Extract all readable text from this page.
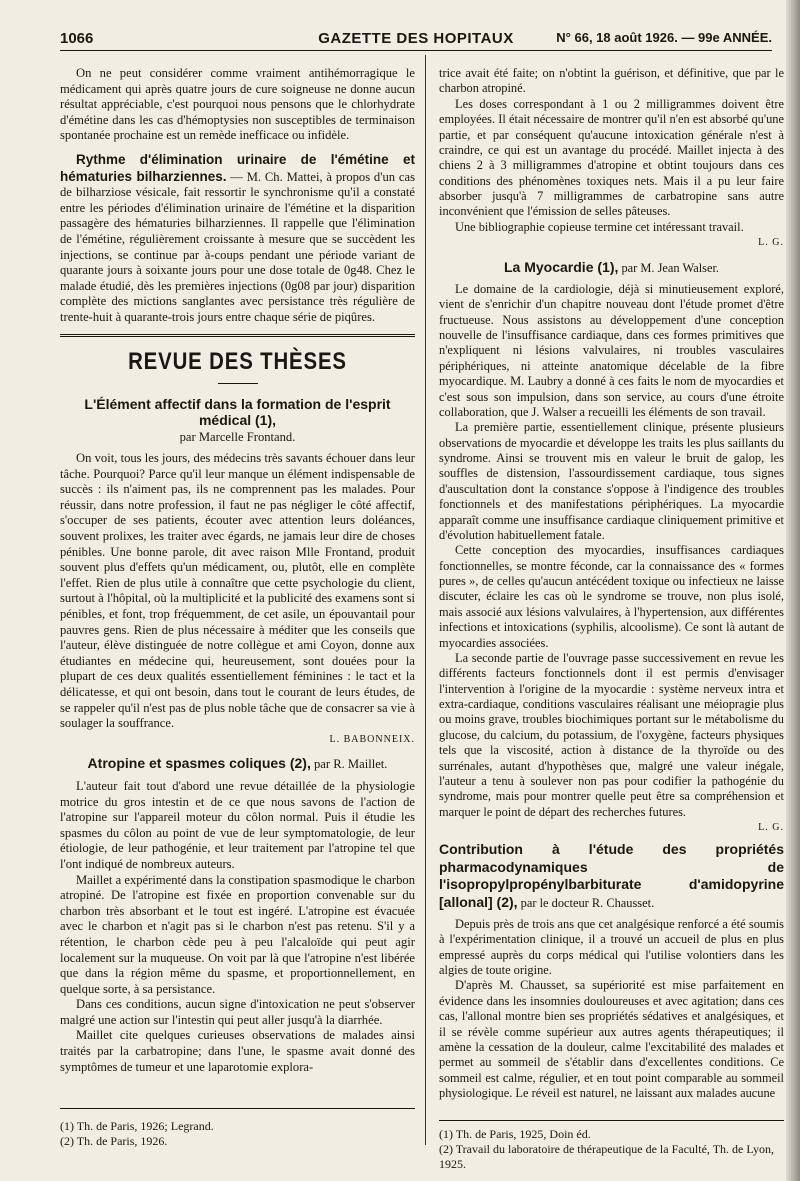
1066	GAZETTE DES HOPITAUX	N° 66, 18 août 1926. — 99e ANNÉE.

On ne peut considérer comme vraiment antihémorragique le médicament qui après quatre jours de cure soigneuse ne donne aucun résultat appréciable, c'est pourquoi nous pensons que le chlorhydrate d'émétine dans les cas d'hémoptysies non susceptibles de terminaison spontanée prochaine est un remède inefficace ou infidèle.

Rythme d'élimination urinaire de l'émétine et hématuries bilharziennes. — M. Ch. Mattei, à propos d'un cas de bilharziose vésicale, fait ressortir le synchronisme qu'il a constaté entre les périodes d'élimination urinaire de l'émétine et la disparition passagère des hématuries bilharziennes. Il rappelle que l'élimination de l'émétine, régulièrement croissante à mesure que se succèdent les injections, se continue par à-coups pendant une période variant de quarante jours à soixante jours pour une dose totale de 0g48. Chez le malade étudié, dès les premières injections (0g08 par jour) disparition complète des mictions sanglantes avec persistance très régulière de trente-huit à quarante-trois jours entre chaque série de piqûres.

REVUE DES THÈSES
L'Élément affectif dans la formation de l'esprit médical (1),
par Marcelle Frontand.

On voit, tous les jours, des médecins très savants échouer dans leur tâche. Pourquoi? Parce qu'il leur manque un élément indispensable de succès : ils n'aiment pas, ils ne comprennent pas les malades. Pour réussir, dans notre profession, il faut ne pas négliger le côté affectif, s'occuper de ses patients, écouter avec attention leurs doléances, souvent prolixes, les traiter avec égards, ne jamais leur dire de choses pénibles. Une bonne parole, dit avec raison Mlle Frontand, produit souvent plus d'effets qu'un médicament, ou, plutôt, elle en complète l'effet. Rien de plus utile à connaître que cette psychologie du client, surtout à l'hôpital, où la multiplicité et la publicité des examens sont si pénibles, et font, trop fréquemment, de cet asile, un épouvantail pour pauvres gens. Rien de plus nécessaire à méditer que les conseils que l'auteur, élève distinguée de notre collègue et ami Coyon, donne aux étudiantes en médecine qui, heureusement, sont douées pour la plupart de ces deux qualités essentiellement féminines : le tact et la délicatesse, et qui ont besoin, dans tout le courant de leurs études, de se rappeler qu'il n'est pas de plus noble tâche que de consacrer sa vie à soulager la souffrance.

L. BABONNEIX.

Atropine et spasmes coliques (2), par R. Maillet.

L'auteur fait tout d'abord une revue détaillée de la physiologie motrice du gros intestin et de ce que nous savons de l'action de l'atropine sur l'appareil moteur du côlon normal. Puis il étudie les spasmes du côlon au point de vue de leur symptomatologie, de leur étiologie, de leur pathogénie, et leur traitement par l'atropine tel que l'ont indiqué de nombreux auteurs.

Maillet a expérimenté dans la constipation spasmodique le charbon atropiné. De l'atropine est fixée en proportion convenable sur du charbon très absorbant et le tout est ingéré. L'atropine est évacuée avec le charbon et n'agit pas si le charbon n'est pas retenu. S'il y a rétention, le charbon cède peu à peu l'alcaloïde qui peut agir localement sur la muqueuse. On voit par là que l'atropine n'est libérée que dans la région même du spasme, et proportionnellement, en quelque sorte, à sa persistance.

Dans ces conditions, aucun signe d'intoxication ne peut s'observer malgré une action sur l'intestin qui peut aller jusqu'à la diarrhée.

Maillet cite quelques curieuses observations de malades ainsi traités par la carbatropine; dans l'une, le spasme avait donné des symptômes de tumeur et une laparotomie explora-

(1) Th. de Paris, 1926; Legrand.
(2) Th. de Paris, 1926.

trice avait été faite; on n'obtint la guérison, et définitive, que par le charbon atropiné.

Les doses correspondant à 1 ou 2 milligrammes doivent être employées. Il était nécessaire de montrer qu'il n'en est absorbé qu'une partie, et par conséquent qu'aucune intoxication générale n'est à craindre, ce qui est un avantage du procédé. Maillet injecta à des chiens 2 à 3 milligrammes d'atropine et obtint toujours dans ces conditions des phénomènes toxiques nets. Mais il a pu leur faire absorber jusqu'à 7 milligrammes de carbatropine sans autre inconvénient que l'émission de selles pâteuses.

Une bibliographie copieuse termine cet intéressant travail.

L. G.

La Myocardie (1), par M. Jean Walser.

Le domaine de la cardiologie, déjà si minutieusement exploré, vient de s'enrichir d'un chapitre nouveau dont l'étude promet d'être fructueuse. Nous assistons au développement d'une conception nouvelle de l'insuffisance cardiaque, dans ces formes primitives que n'expliquent ni lésions valvulaires, ni troubles vasculaires périphériques, ni atteinte anatomique décelable de la fibre myocardique. M. Laubry a donné à ces faits le nom de myocardies et c'est sous son impulsion, dans son service, au cours d'une étroite collaboration, que J. Walser a recueilli les éléments de son travail.

La première partie, essentiellement clinique, présente plusieurs observations de myocardie et développe les traits les plus saillants du syndrome. Ainsi se trouvent mis en valeur le bruit de galop, les souffles de distension, l'assourdissement cardiaque, tous signes d'auscultation dont la constance s'oppose à l'indigence des troubles fonctionnels et des manifestations périphériques. La myocardie apparaît comme une insuffisance cardiaque cliniquement primitive et d'évolution habituellement fatale.

Cette conception des myocardies, insuffisances cardiaques fonctionnelles, se montre féconde, car la connaissance des « formes pures », de celles qu'aucun antécédent toxique ou infectieux ne laisse discuter, éclaire les cas où le syndrome se trouve, non plus isolé, mais associé aux lésions valvulaires, à l'hypertension, aux différentes infections et intoxications (syphilis, alcoolisme). Ce sont là autant de myocardies associées.

La seconde partie de l'ouvrage passe successivement en revue les différents facteurs fonctionnels dont il est permis d'envisager l'intervention à l'origine de la myocardie : système nerveux intra et extra-cardiaque, conditions vasculaires réalisant une méiopragie plus ou moins grave, troubles biochimiques portant sur le métabolisme du glucose, du calcium, du potassium, de l'oxygène, facteurs physiques tels que la viscosité, action à distance de la thyroïde ou des surrénales, autant d'hypothèses que, malgré une valeur inégale, l'auteur a tenu à soulever non pas pour codifier la pathogénie du syndrome, mais pour montrer quelle peut être sa compréhension et marquer le point de départ des recherches futures.

L. G.

Contribution à l'étude des propriétés pharmacodynamiques de l'isopropylpropénylbarbiturate d'amidopyrine [allonal] (2), par le docteur R. Chausset.

Depuis près de trois ans que cet analgésique renforcé a été soumis à l'expérimentation clinique, il a trouvé un accueil de plus en plus empressé auprès du corps médical qui l'utilise volontiers dans les algies de toute origine.

D'après M. Chausset, sa supériorité est mise parfaitement en évidence dans les insomnies douloureuses et avec agitation; dans ces cas, l'allonal montre bien ses propriétés sédatives et analgésiques, et il se révèle comme supérieur aux autres agents thérapeutiques; il amène la cessation de la douleur, calme l'excitabilité des malades et permet au sommeil de s'établir dans d'excellentes conditions. Ce sommeil est calme, régulier, et en tout point comparable au sommeil physiologique. Le réveil est naturel, ne laissant aux malades aucune

(1) Th. de Paris, 1925, Doin éd.
(2) Travail du laboratoire de thérapeutique de la Faculté, Th. de Lyon, 1925.
